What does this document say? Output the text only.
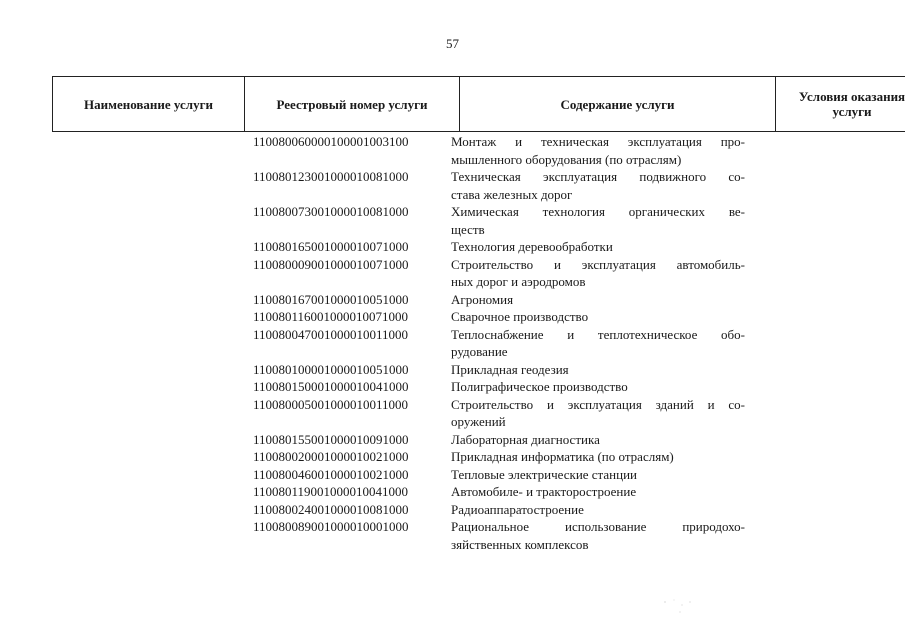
57
Наименование услуги	Реестровый номер услуги	Содержание услуги	Условия оказания
услуги
110080060000100001003100	Монтаж и техническая эксплуатация про-
мышленного оборудования (по отраслям)
110080123001000010081000	Техническая эксплуатация подвижного со-
става железных дорог
110080073001000010081000	Химическая технология органических ве-
ществ
110080165001000010071000	Технология деревообработки
110080009001000010071000	Строительство и эксплуатация автомобиль-
ных дорог и аэродромов
110080167001000010051000	Агрономия
110080116001000010071000	Сварочное производство
110080047001000010011000	Теплоснабжение и теплотехническое обо-
рудование
110080100001000010051000	Прикладная геодезия
110080150001000010041000	Полиграфическое производство
110080005001000010011000	Строительство и эксплуатация зданий и со-
оружений
110080155001000010091000	Лабораторная диагностика
110080020001000010021000	Прикладная информатика (по отраслям)
110080046001000010021000	Тепловые электрические станции
110080119001000010041000	Автомобиле- и тракторостроение
110080024001000010081000	Радиоаппаратостроение
110080089001000010001000	Рациональное использование природохо-
зяйственных комплексов
